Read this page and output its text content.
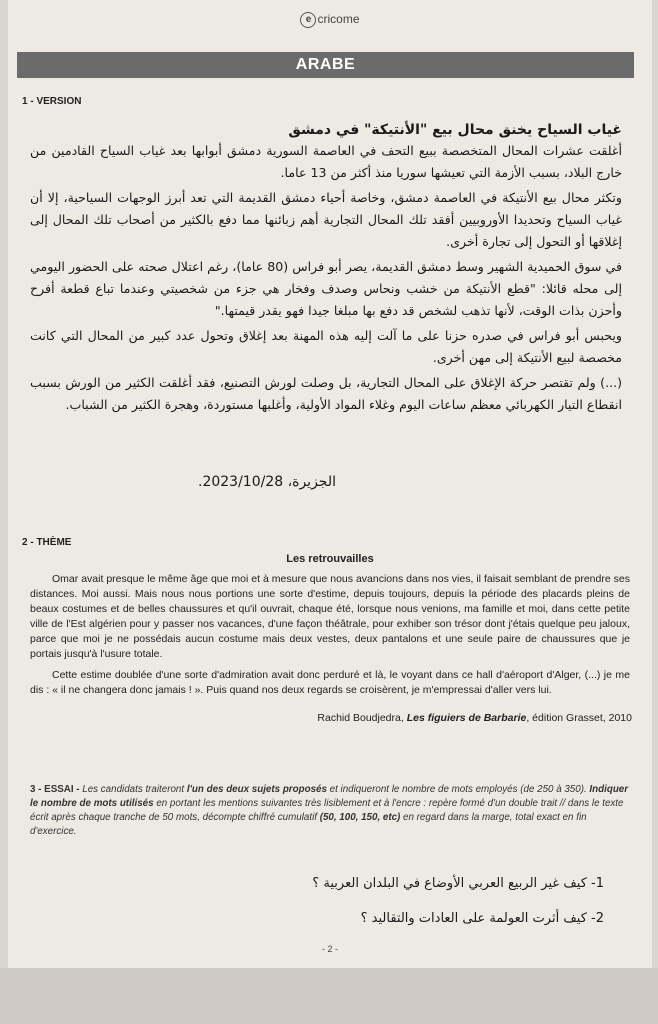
e cricome
ARABE
1 - VERSION
غياب السياح يخنق محال بيع "الأنتيكة" في دمشق

أغلقت عشرات المحال المتخصصة ببيع التحف في العاصمة السورية دمشق أبوابها بعد غياب السياح القادمين من خارج البلاد، بسبب الأزمة التي تعيشها سوريا منذ أكثر من 13 عاما.

وتكثر محال بيع الأنتيكة في العاصمة دمشق، وخاصة أحياء دمشق القديمة التي تعد أبرز الوجهات السياحية، إلا أن غياب السياح وتحديدا الأوروبيين أفقد تلك المحال التجارية أهم زبائنها مما دفع بالكثير من أصحاب تلك المحال إلى إغلاقها أو التحول إلى تجارة أخرى.

في سوق الحميدية الشهير وسط دمشق القديمة، يصر أبو فراس (80 عاما)، رغم اعتلال صحته على الحضور اليومي إلى محله قائلا: "قطع الأنتيكة من خشب ونحاس وصدف وفخار هي جزء من شخصيتي وعندما تباع قطعة أفرح وأحزن بذات الوقت، لأنها تذهب لشخص قد دفع بها مبلغا جيدا فهو يقدر قيمتها."

ويحبس أبو فراس في صدره حزنا على ما آلت إليه هذه المهنة بعد إغلاق وتحول عدد كبير من المحال التي كانت مخصصة لبيع الأنتيكة إلى مهن أخرى.

(...) ولم تقتصر حركة الإغلاق على المحال التجارية، بل وصلت لورش التصنيع، فقد أغلقت الكثير من الورش بسبب انقطاع التيار الكهربائي معظم ساعات اليوم وغلاء المواد الأولية، وأغلبها مستوردة، وهجرة الكثير من الشباب.

الجزيرة، 2023/10/28.
2 - THÈME
Les retrouvailles

Omar avait presque le même âge que moi et à mesure que nous avancions dans nos vies, il faisait semblant de prendre ses distances. Moi aussi. Mais nous nous portions une sorte d'estime, depuis toujours, depuis la période des placards pleins de beaux costumes et de belles chaussures et qu'il ouvrait, chaque été, lorsque nous venions, ma famille et moi, dans cette petite ville de l'Est algérien pour y passer nos vacances, d'une façon théâtrale, pour exhiber son trésor dont j'étais quelque peu jaloux, parce que moi je ne possédais aucun costume mais deux vestes, deux pantalons et une seule paire de chaussures que je portais jusqu'à l'usure totale.

Cette estime doublée d'une sorte d'admiration avait donc perduré et là, le voyant dans ce hall d'aéroport d'Alger, (...) je me dis : « il ne changera donc jamais ! ». Puis quand nos deux regards se croisèrent, je m'empressai d'aller vers lui.

Rachid Boudjedra, Les figuiers de Barbarie, édition Grasset, 2010
3 - ESSAI - Les candidats traiteront l'un des deux sujets proposés et indiqueront le nombre de mots employés (de 250 à 350). Indiquer le nombre de mots utilisés en portant les mentions suivantes très lisiblement et à l'encre : repère formé d'un double trait // dans le texte écrit après chaque tranche de 50 mots, décompte chiffré cumulatif (50, 100, 150, etc) en regard dans la marge, total exact en fin d'exercice.
1- كيف غير الربيع العربي الأوضاع في البلدان العربية ؟
2- كيف أثرت العولمة على العادات والتقاليد ؟
- 2 -
